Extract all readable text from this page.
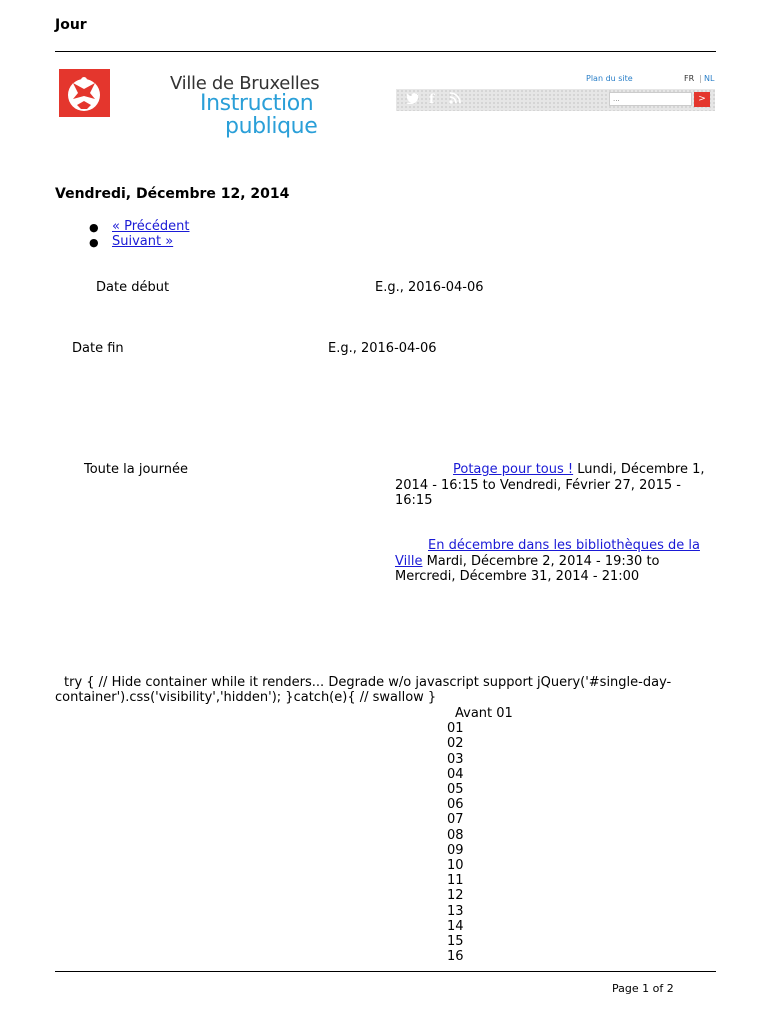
Jour
Ville de Bruxelles
Instruction
publique
Plan du site	FR | NL
f
...	>
Vendredi, Décembre 12, 2014
● « Précédent
● Suivant »
Date début	E.g., 2016-04-06
Date fin	E.g., 2016-04-06
Toute la journée	Potage pour tous ! Lundi, Décembre 1, 2014 - 16:15 to Vendredi, Février 27, 2015 - 16:15
En décembre dans les bibliothèques de la Ville Mardi, Décembre 2, 2014 - 19:30 to Mercredi, Décembre 31, 2014 - 21:00
try { // Hide container while it renders... Degrade w/o javascript support jQuery('#single-day-container').css('visibility','hidden'); }catch(e){ // swallow }
Avant 01
01
02
03
04
05
06
07
08
09
10
11
12
13
14
15
16
Page 1 of 2
